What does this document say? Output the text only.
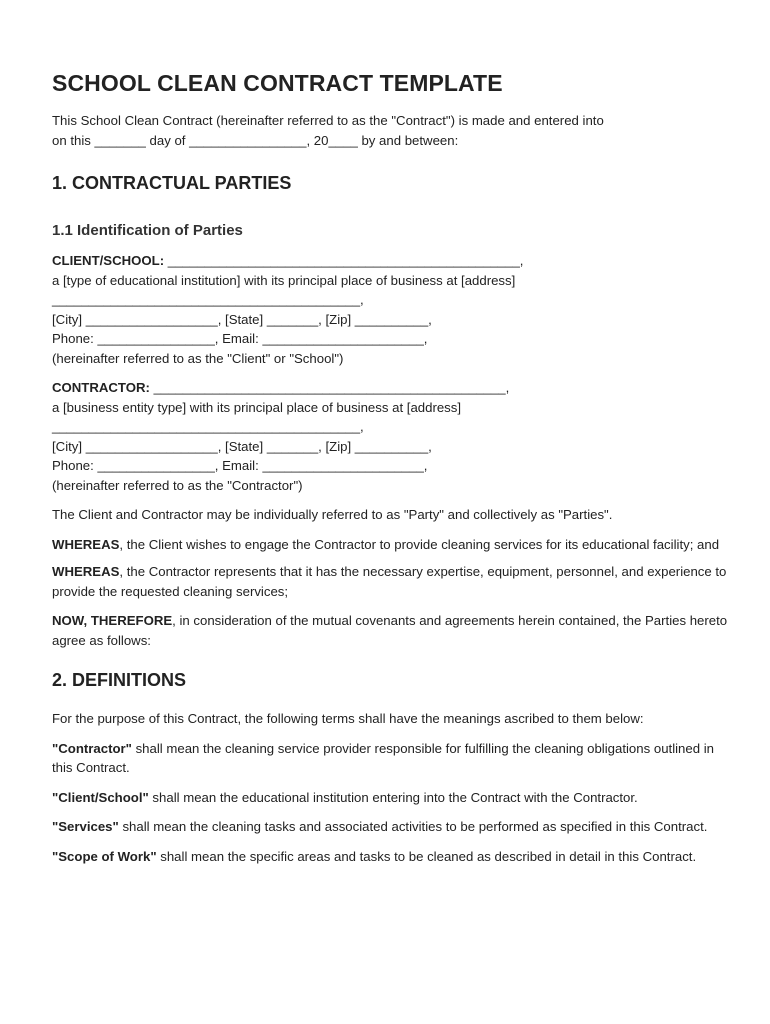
SCHOOL CLEAN CONTRACT TEMPLATE

This School Clean Contract (hereinafter referred to as the "Contract") is made and entered into

on this _______ day of ________________, 20____ by and between:

1. CONTRACTUAL PARTIES
1.1 Identification of Parties
CLIENT/SCHOOL: ________________________________________________,
a [type of educational institution] with its principal place of business at [address]
__________________________________________,
[City] __________________, [State] _______, [Zip] __________,
Phone: ________________, Email: ______________________,
(hereinafter referred to as the "Client" or "School")
CONTRACTOR: ________________________________________________,
a [business entity type] with its principal place of business at [address]
__________________________________________,
[City] __________________, [State] _______, [Zip] __________,
Phone: ________________, Email: ______________________,
(hereinafter referred to as the "Contractor")

The Client and Contractor may be individually referred to as "Party" and collectively as "Parties".

WHEREAS, the Client wishes to engage the Contractor to provide cleaning services for its educational facility; and

WHEREAS, the Contractor represents that it has the necessary expertise, equipment, personnel, and experience to provide the requested cleaning services;

NOW, THEREFORE, in consideration of the mutual covenants and agreements herein contained, the Parties hereto agree as follows:

2. DEFINITIONS

For the purpose of this Contract, the following terms shall have the meanings ascribed to them below:

"Contractor" shall mean the cleaning service provider responsible for fulfilling the cleaning obligations outlined in this Contract.

"Client/School" shall mean the educational institution entering into the Contract with the Contractor.

"Services" shall mean the cleaning tasks and associated activities to be performed as specified in this Contract.

"Scope of Work" shall mean the specific areas and tasks to be cleaned as described in detail in this Contract.
